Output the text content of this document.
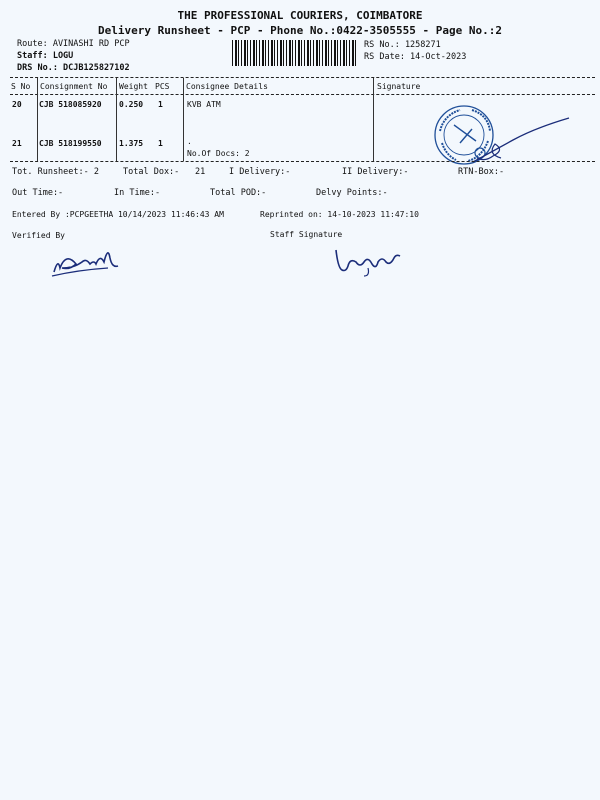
THE PROFESSIONAL COURIERS, COIMBATORE
Delivery Runsheet - PCP - Phone No.:0422-3505555 - Page No.:2
Route: AVINASHI RD PCP
Staff: LOGU
DRS No.: DCJB125827102
RS No.: 1258271
RS Date: 14-Oct-2023
S No Consignment No Weight PCS Consignee Details	Signature
20 CJB 518085920 0.250 1	KVB ATM
21 CJB 518199550 1.375 1	.
No.Of Docs: 2
Tot. Runsheet:- 2	Total Dox:- 21	I Delivery:-	II Delivery:-	RTN-Box:-
Out Time:-	In Time:-	Total POD:-	Delvy Points:-
Entered By :PCPGEETHA 10/14/2023 11:46:43 AM	Reprinted on: 14-10-2023 11:47:10
Verified By	Staff Signature
